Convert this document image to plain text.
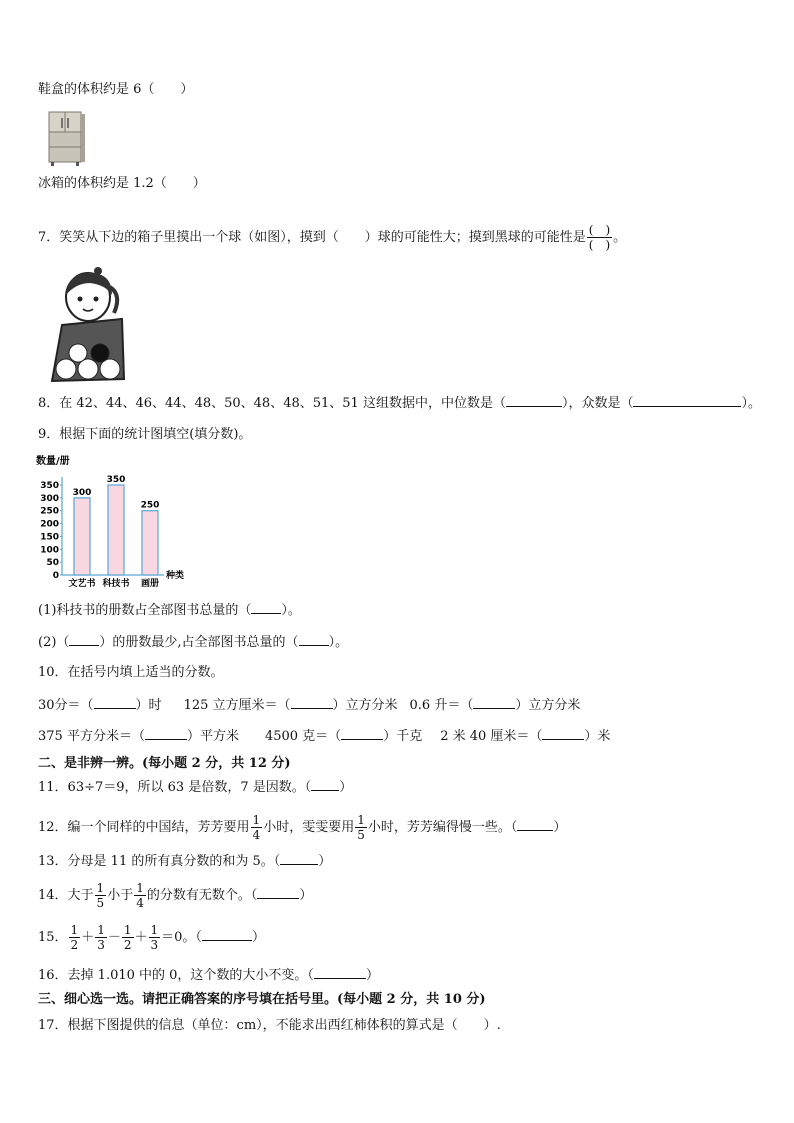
鞋盒的体积约是 6（　　）
冰箱的体积约是 1.2（　　）
7．笑笑从下边的箱子里摸出一个球（如图），摸到（　　）球的可能性大；摸到黑球的可能性是 $\frac{( )}{( )}$ 。
8．在 42、44、46、44、48、50、48、48、51、51 这组数据中，中位数是（	），众数是（	）。
9．根据下面的统计图填空(填分数)。
数量/册
0
50
100
150
200
250
300
350
300
文艺书
350
科技书
250
画册
种类
(1)科技书的册数占全部图书总量的（ ）。
(2)（ ）的册数最少,占全部图书总量的（ ）。
10．在括号内填上适当的分数。
30分＝（	）时 125 立方厘米＝（	）立方分米 0.6 升＝（	）立方分米
375 平方分米＝（	）平方米 4500 克＝（	）千克 2 米 40 厘米＝（	）米
二、是非辨一辨。(每小题 2 分，共 12 分)
11．63÷7＝9，所以 63 是倍数，7 是因数。（ ）
12．编一个同样的中国结，芳芳要用 $\frac{1}{4}$ 小时，雯雯要用 $\frac{1}{5}$ 小时，芳芳编得慢一些。（	）
13．分母是 11 的所有真分数的和为 5。（	）
14．大于 $\frac{1}{5}$ 小于 $\frac{1}{4}$ 的分数有无数个。（	）
15． $\frac{1}{2} + \frac{1}{3} - \frac{1}{2} + \frac{1}{3} =0$。（	）
16．去掉 1.010 中的 0，这个数的大小不变。（	）
三、细心选一选。请把正确答案的序号填在括号里。(每小题 2 分，共 10 分)
17．根据下图提供的信息（单位：cm），不能求出西红柿体积的算式是（　　）.
